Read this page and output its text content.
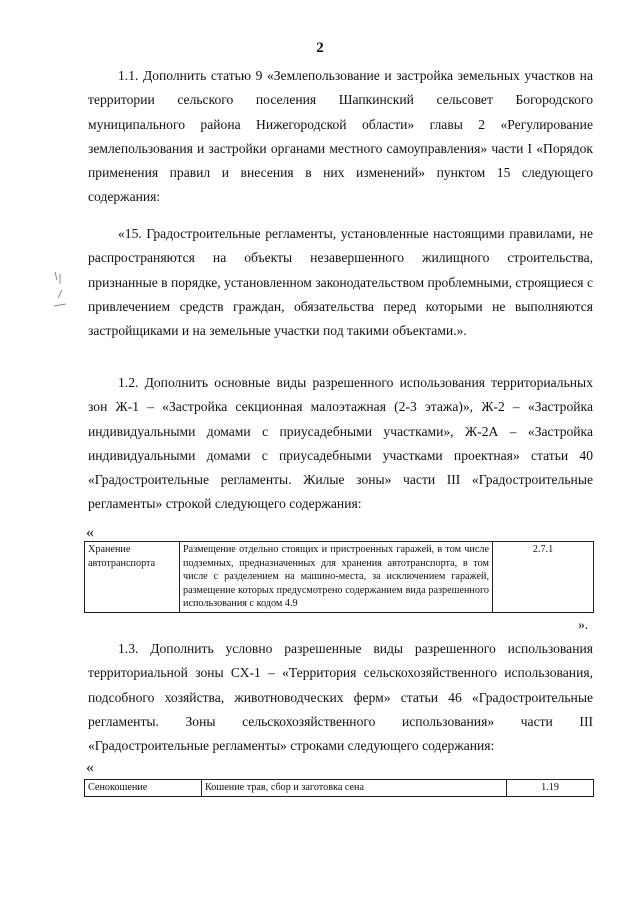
2

1.1. Дополнить статью 9 «Землепользование и застройка земельных участков на территории сельского поселения Шапкинский сельсовет Богородского муниципального района Нижегородской области» главы 2 «Регулирование землепользования и застройки органами местного самоуправления» части I «Порядок применения правил и внесения в них изменений» пунктом 15 следующего содержания:

«15. Градостроительные регламенты, установленные настоящими правилами, не распространяются на объекты незавершенного жилищного строительства, признанные в порядке, установленном законодательством проблемными, строящиеся с привлечением средств граждан, обязательства перед которыми не выполняются застройщиками и на земельные участки под такими объектами.».

1.2. Дополнить основные виды разрешенного использования территориальных зон Ж-1 – «Застройка секционная малоэтажная (2-3 этажа)», Ж-2 – «Застройка индивидуальными домами с приусадебными участками», Ж-2А – «Застройка индивидуальными домами с приусадебными участками проектная» статьи 40 «Градостроительные регламенты. Жилые зоны» части III «Градостроительные регламенты» строкой следующего содержания:

«
Хранение автотранспорта	Размещение отдельно стоящих и пристроенных гаражей, в том числе подземных, предназначенных для хранения автотранспорта, в том числе с разделением на машино-места, за исключением гаражей, размещение которых предусмотрено содержанием вида разрешенного использования с кодом 4.9	2.7.1
».

1.3. Дополнить условно разрешенные виды разрешенного использования территориальной зоны СХ-1 – «Территория сельскохозяйственного использования, подсобного хозяйства, животноводческих ферм» статьи 46 «Градостроительные регламенты. Зоны сельскохозяйственного использования» части III «Градостроительные регламенты» строками следующего содержания:

«
Сенокошение	Кошение трав, сбор и заготовка сена	1.19
